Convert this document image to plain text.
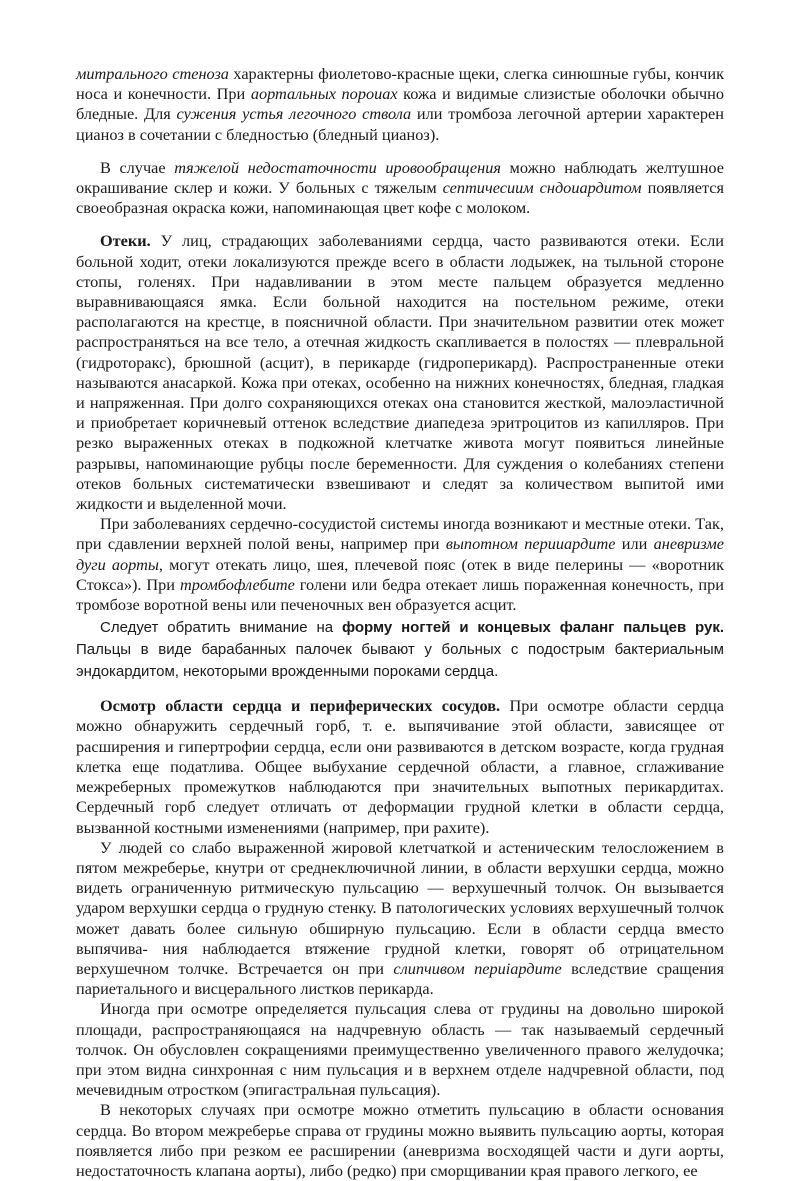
митрального стеноза характерны фиолетово-красные щеки, слегка синюшные губы, кончик носа и конечности. При аортальных пороиах кожа и видимые слизистые оболочки обычно бледные. Для сужения устья легочного ствола или тромбоза легочной артерии характерен цианоз в сочетании с бледностью (бледный цианоз).

В случае тяжелой недостаточности ировообращения можно наблюдать желтушное окрашивание склер и кожи. У больных с тяжелым септичесиим сндоиардитом появляется своеобразная окраска кожи, напоминающая цвет кофе с молоком.

Отеки. У лиц, страдающих заболеваниями сердца, часто развиваются отеки. Если больной ходит, отеки локализуются прежде всего в области лодыжек, на тыльной стороне стопы, голенях. При надавливании в этом месте пальцем образуется медленно выравнивающаяся ямка. Если больной находится на постельном режиме, отеки располагаются на крестце, в поясничной области. При значительном развитии отек может распространяться на все тело, а отечная жидкость скапливается в полостях — плевральной (гидроторакс), брюшной (асцит), в перикарде (гидроперикард). Распространенные отеки называются анасаркой. Кожа при отеках, особенно на нижних конечностях, бледная, гладкая и напряженная. При долго сохраняющихся отеках она становится жесткой, малоэластичной и приобретает коричневый оттенок вследствие диапедеза эритроцитов из капилляров. При резко выраженных отеках в подкожной клетчатке живота могут появиться линейные разрывы, напоминающие рубцы после беременности. Для суждения о колебаниях степени отеков больных систематически взвешивают и следят за количеством выпитой ими жидкости и выделенной мочи.

При заболеваниях сердечно-сосудистой системы иногда возникают и местные отеки. Так, при сдавлении верхней полой вены, например при выпотном перииардите или аневризме дуги аорты, могут отекать лицо, шея, плечевой пояс (отек в виде пелерины — «воротник Стокса»). При тромбофлебите голени или бедра отекает лишь пораженная конечность, при тромбозе воротной вены или печеночных вен образуется асцит.

Следует обратить внимание на форму ногтей и концевых фаланг пальцев рук. Пальцы в виде барабанных палочек бывают у больных с подострым бактериальным эндокардитом, некоторыми врожденными пороками сердца.

Осмотр области сердца и периферических сосудов. При осмотре области сердца можно обнаружить сердечный горб, т. е. выпячивание этой области, зависящее от расширения и гипертрофии сердца, если они развиваются в детском возрасте, когда грудная клетка еще податлива. Общее выбухание сердечной области, а главное, сглаживание межреберных промежутков наблюдаются при значительных выпотных перикардитах. Сердечный горб следует отличать от деформации грудной клетки в области сердца, вызванной костными изменениями (например, при рахите).

У людей со слабо выраженной жировой клетчаткой и астеническим телосложением в пятом межреберье, кнутри от среднеключичной линии, в области верхушки сердца, можно видеть ограниченную ритмическую пульсацию — верхушечный толчок. Он вызывается ударом верхушки сердца о грудную стенку. В патологических условиях верхушечный толчок может давать более сильную обширную пульсацию. Если в области сердца вместо выпячива- ния наблюдается втяжение грудной клетки, говорят об отрицательном верхушечном толчке. Встречается он при слипчивом периiардите вследствие сращения париетального и висцерального листков перикарда.

Иногда при осмотре определяется пульсация слева от грудины на довольно широкой площади, распространяющаяся на надчревную область — так называемый сердечный толчок. Он обусловлен сокращениями преимущественно увеличенного правого желудочка; при этом видна синхронная с ним пульсация и в верхнем отделе надчревной области, под мечевидным отростком (эпигастральная пульсация).

В некоторых случаях при осмотре можно отметить пульсацию в области основания сердца. Во втором межреберье справа от грудины можно выявить пульсацию аорты, которая появляется либо при резком ее расширении (аневризма восходящей части и дуги аорты, недостаточность клапана аорты), либо (редко) при сморщивании края правого легкого, ее
